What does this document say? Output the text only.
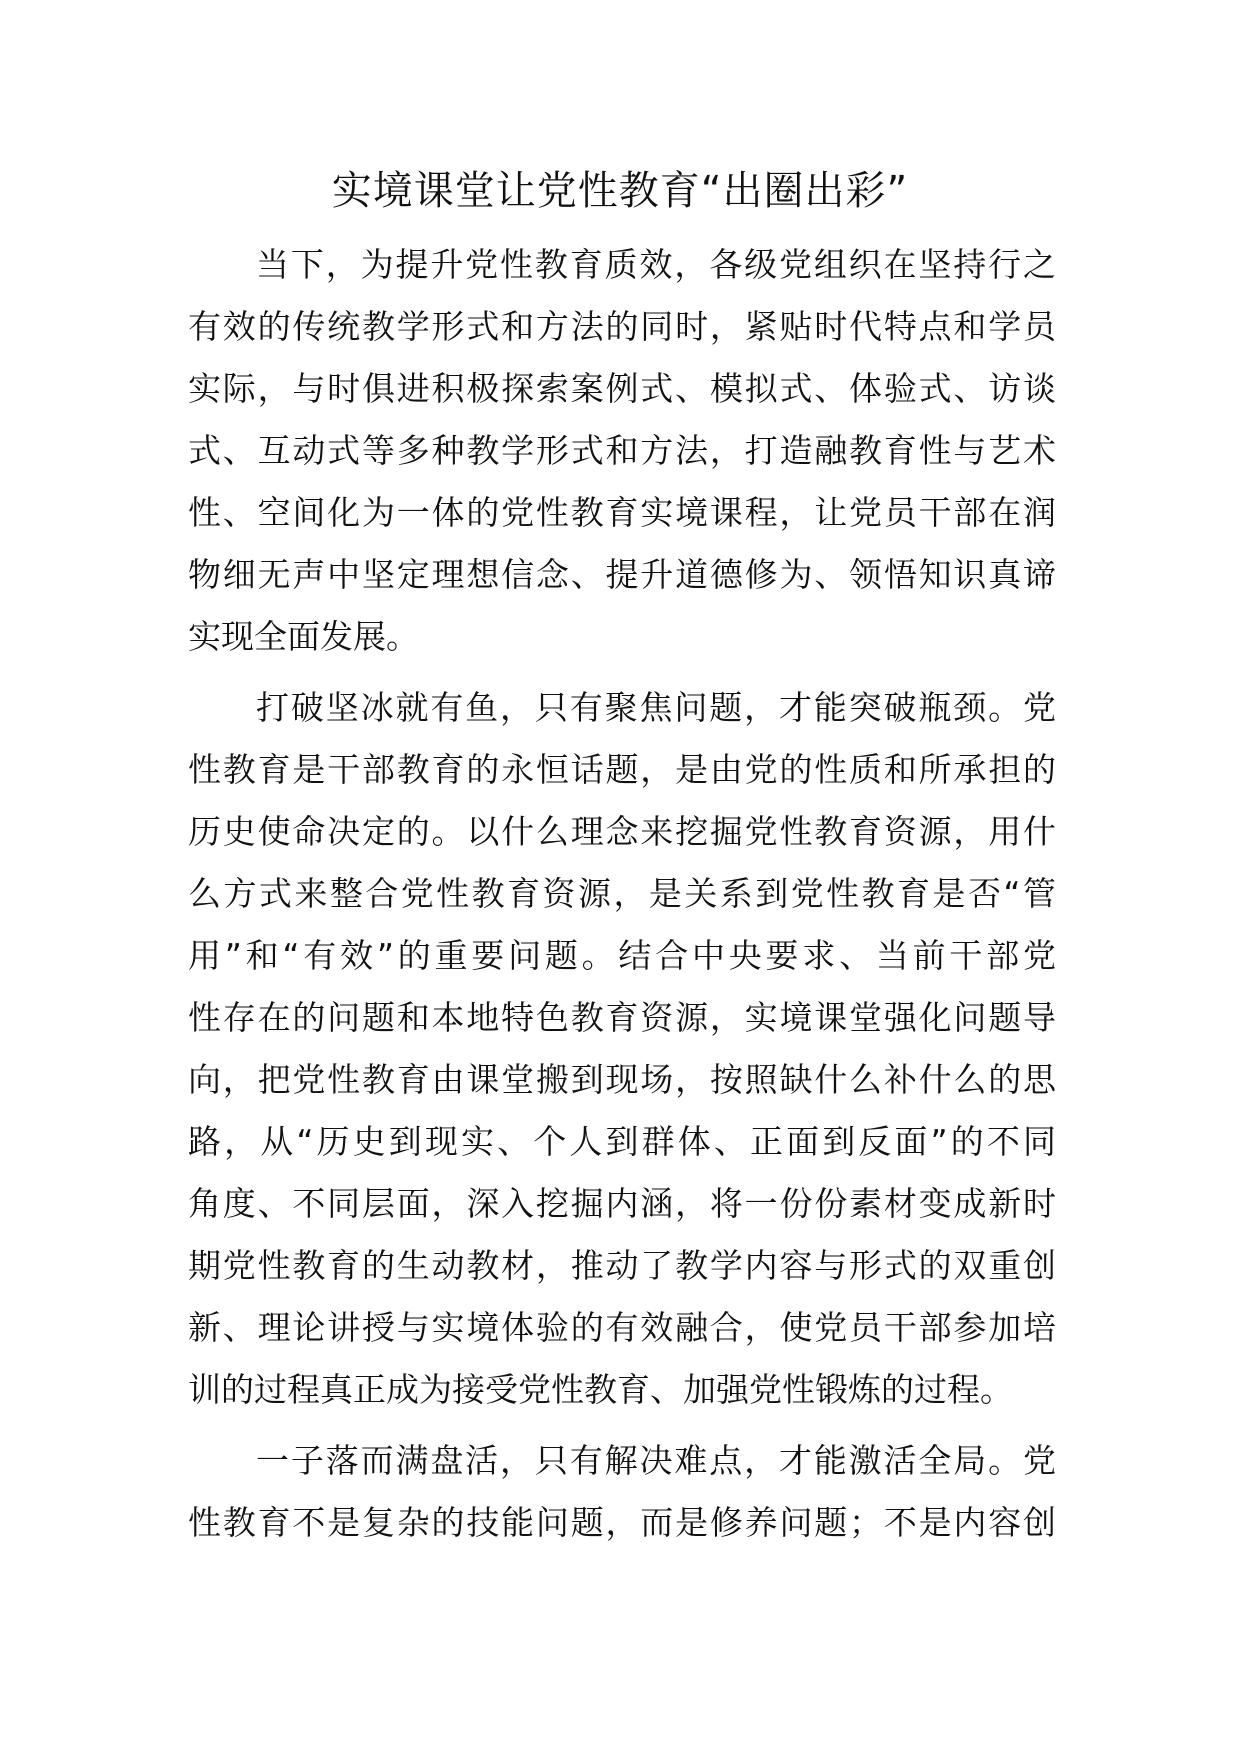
实境课堂让党性教育“出圈出彩”
当下，为提升党性教育质效，各级党组织在坚持行之
有效的传统教学形式和方法的同时，紧贴时代特点和学员
实际，与时俱进积极探索案例式、模拟式、体验式、访谈
式、互动式等多种教学形式和方法，打造融教育性与艺术
性、空间化为一体的党性教育实境课程，让党员干部在润
物细无声中坚定理想信念、提升道德修为、领悟知识真谛
实现全面发展。
打破坚冰就有鱼，只有聚焦问题，才能突破瓶颈。党
性教育是干部教育的永恒话题，是由党的性质和所承担的
历史使命决定的。以什么理念来挖掘党性教育资源，用什
么方式来整合党性教育资源，是关系到党性教育是否“管
用”和“有效”的重要问题。结合中央要求、当前干部党
性存在的问题和本地特色教育资源，实境课堂强化问题导
向，把党性教育由课堂搬到现场，按照缺什么补什么的思
路，从“历史到现实、个人到群体、正面到反面”的不同
角度、不同层面，深入挖掘内涵，将一份份素材变成新时
期党性教育的生动教材，推动了教学内容与形式的双重创
新、理论讲授与实境体验的有效融合，使党员干部参加培
训的过程真正成为接受党性教育、加强党性锻炼的过程。
一子落而满盘活，只有解决难点，才能激活全局。党
性教育不是复杂的技能问题，而是修养问题；不是内容创
